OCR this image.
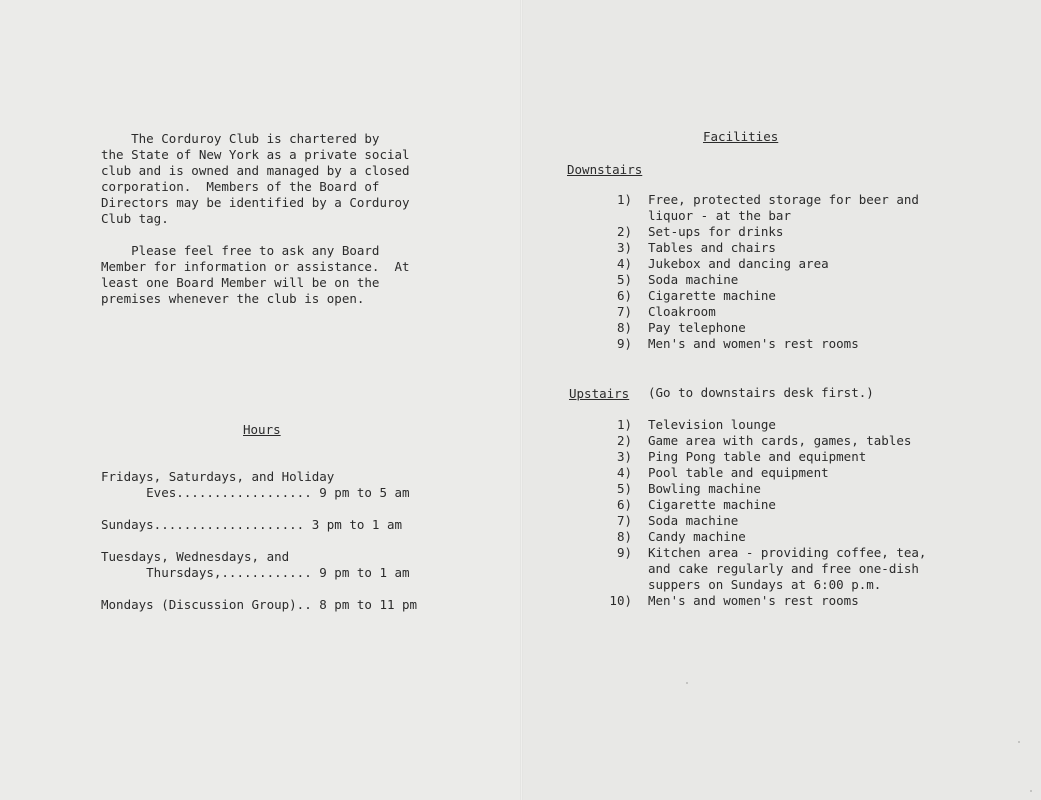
The Corduroy Club is chartered by
the State of New York as a private social
club and is owned and managed by a closed
corporation.  Members of the Board of
Directors may be identified by a Corduroy
Club tag.
Please feel free to ask any Board
Member for information or assistance.  At
least one Board Member will be on the
premises whenever the club is open.
Hours
Fridays, Saturdays, and Holiday
Eves.................. 9 pm to 5 am
Sundays.................... 3 pm to 1 am
Tuesdays, Wednesdays, and
Thursdays,............ 9 pm to 1 am
Mondays (Discussion Group).. 8 pm to 11 pm
Facilities
Downstairs
1) Free, protected storage for beer and
liquor - at the bar
2) Set-ups for drinks
3) Tables and chairs
4) Jukebox and dancing area
5) Soda machine
6) Cigarette machine
7) Cloakroom
8) Pay telephone
9) Men's and women's rest rooms
Upstairs (Go to downstairs desk first.)
1) Television lounge
2) Game area with cards, games, tables
3) Ping Pong table and equipment
4) Pool table and equipment
5) Bowling machine
6) Cigarette machine
7) Soda machine
8) Candy machine
9) Kitchen area - providing coffee, tea,
and cake regularly and free one-dish
suppers on Sundays at 6:00 p.m.
10) Men's and women's rest rooms
